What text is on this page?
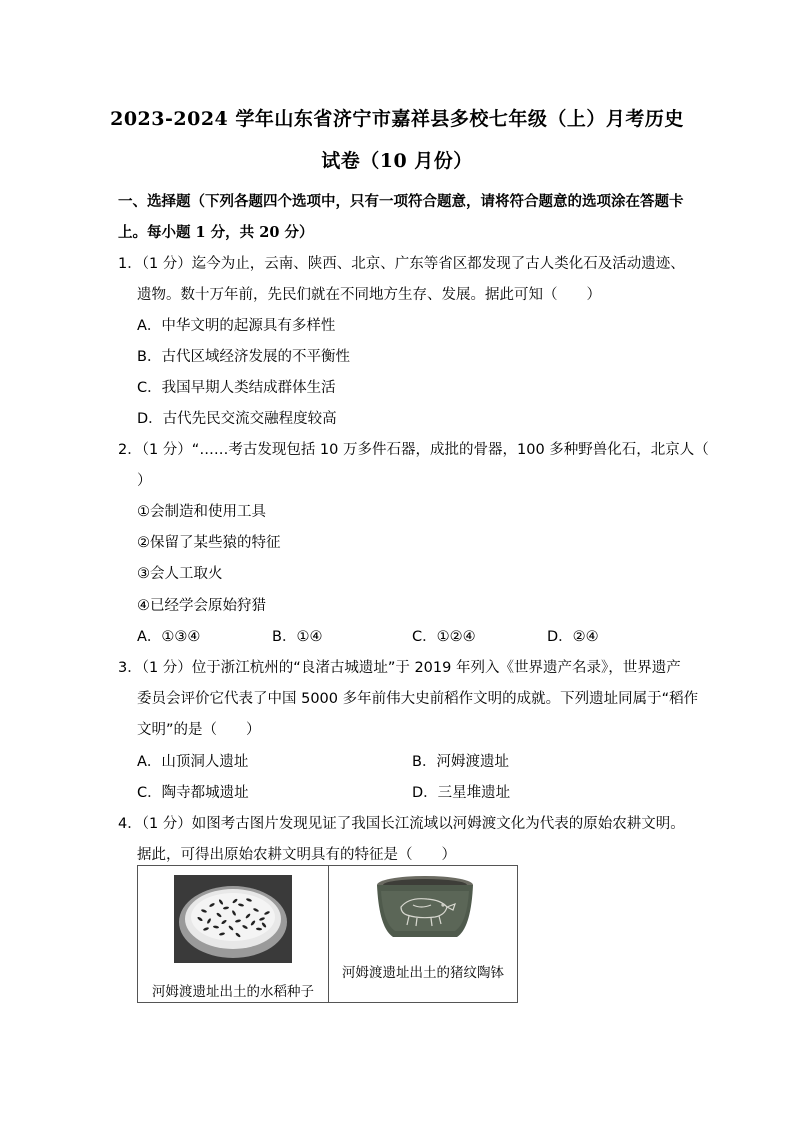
2023-2024 学年山东省济宁市嘉祥县多校七年级（上）月考历史
试卷（10 月份）
一、选择题（下列各题四个选项中，只有一项符合题意，请将符合题意的选项涂在答题卡
上。每小题 1 分，共 20 分）
1．（1 分）迄今为止，云南、陕西、北京、广东等省区都发现了古人类化石及活动遗迹、
遗物。数十万年前，先民们就在不同地方生存、发展。据此可知（　　）
A．中华文明的起源具有多样性
B．古代区域经济发展的不平衡性
C．我国早期人类结成群体生活
D．古代先民交流交融程度较高
2．（1 分）“……考古发现包括 10 万多件石器，成批的骨器，100 多种野兽化石，北京人（
）
①会制造和使用工具
②保留了某些猿的特征
③会人工取火
④已经学会原始狩猎
A．①③④	B．①④	C．①②④	D．②④
3．（1 分）位于浙江杭州的“良渚古城遗址”于 2019 年列入《世界遗产名录》，世界遗产
委员会评价它代表了中国 5000 多年前伟大史前稻作文明的成就。下列遗址同属于“稻作
文明”的是（　　）
A．山顶洞人遗址	B．河姆渡遗址
C．陶寺都城遗址	D．三星堆遗址
4．（1 分）如图考古图片发现见证了我国长江流域以河姆渡文化为代表的原始农耕文明。
据此，可得出原始农耕文明具有的特征是（　　）
河姆渡遗址出土的水稻种子
河姆渡遗址出土的猪纹陶钵
